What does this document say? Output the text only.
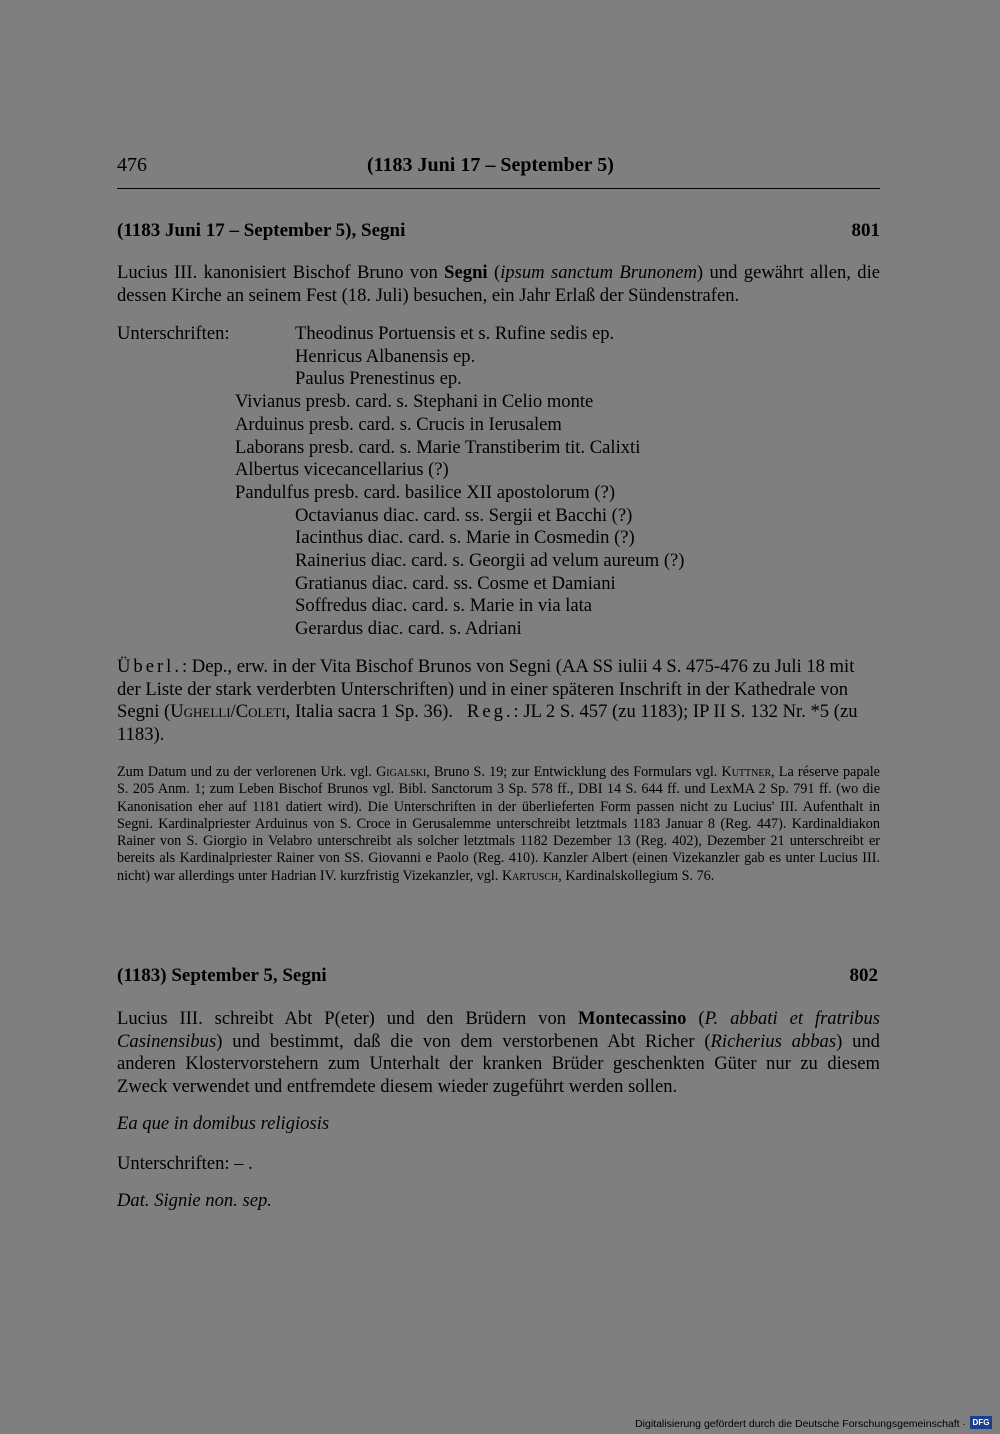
476	(1183 Juni 17 – September 5)
(1183 Juni 17 – September 5), Segni	801
Lucius III. kanonisiert Bischof Bruno von Segni (ipsum sanctum Brunonem) und gewährt allen, die dessen Kirche an seinem Fest (18. Juli) besuchen, ein Jahr Erlaß der Sündenstrafen.
Unterschriften:	Theodinus Portuensis et s. Rufine sedis ep.
Henricus Albanensis ep.
Paulus Prenestinus ep.
Vivianus presb. card. s. Stephani in Celio monte
Arduinus presb. card. s. Crucis in Ierusalem
Laborans presb. card. s. Marie Transtiberim tit. Calixti
Albertus vicecancellarius (?)
Pandulfus presb. card. basilice XII apostolorum (?)
Octavianus diac. card. ss. Sergii et Bacchi (?)
Iacinthus diac. card. s. Marie in Cosmedin (?)
Rainerius diac. card. s. Georgii ad velum aureum (?)
Gratianus diac. card. ss. Cosme et Damiani
Soffredus diac. card. s. Marie in via lata
Gerardus diac. card. s. Adriani
Überl.: Dep., erw. in der Vita Bischof Brunos von Segni (AA SS iulii 4 S. 475-476 zu Juli 18 mit der Liste der stark verderbten Unterschriften) und in einer späteren Inschrift in der Kathedrale von Segni (Ughelli/Coleti, Italia sacra 1 Sp. 36). Reg.: JL 2 S. 457 (zu 1183); IP II S. 132 Nr. *5 (zu 1183).
Zum Datum und zu der verlorenen Urk. vgl. Gigalski, Bruno S. 19; zur Entwicklung des Formulars vgl. Kuttner, La réserve papale S. 205 Anm. 1; zum Leben Bischof Brunos vgl. Bibl. Sanctorum 3 Sp. 578 ff., DBI 14 S. 644 ff. und LexMA 2 Sp. 791 ff. (wo die Kanonisation eher auf 1181 datiert wird). Die Unterschriften in der überlieferten Form passen nicht zu Lucius' III. Aufenthalt in Segni. Kardinalpriester Arduinus von S. Croce in Gerusalemme unterschreibt letztmals 1183 Januar 8 (Reg. 447). Kardinaldiakon Rainer von S. Giorgio in Velabro unterschreibt als solcher letztmals 1182 Dezember 13 (Reg. 402), Dezember 21 unterschreibt er bereits als Kardinalpriester Rainer von SS. Giovanni e Paolo (Reg. 410). Kanzler Albert (einen Vizekanzler gab es unter Lucius III. nicht) war allerdings unter Hadrian IV. kurzfristig Vizekanzler, vgl. Kartusch, Kardinalskollegium S. 76.
(1183) September 5, Segni	802
Lucius III. schreibt Abt P(eter) und den Brüdern von Montecassino (P. abbati et fratribus Casinensibus) und bestimmt, daß die von dem verstorbenen Abt Richer (Richerius abbas) und anderen Klostervorstehern zum Unterhalt der kranken Brüder geschenkten Güter nur zu diesem Zweck verwendet und entfremdete diesem wieder zugeführt werden sollen.
Ea que in domibus religiosis
Unterschriften: – .
Dat. Signie non. sep.
Digitalisierung gefördert durch die Deutsche Forschungsgemeinschaft · DFG
